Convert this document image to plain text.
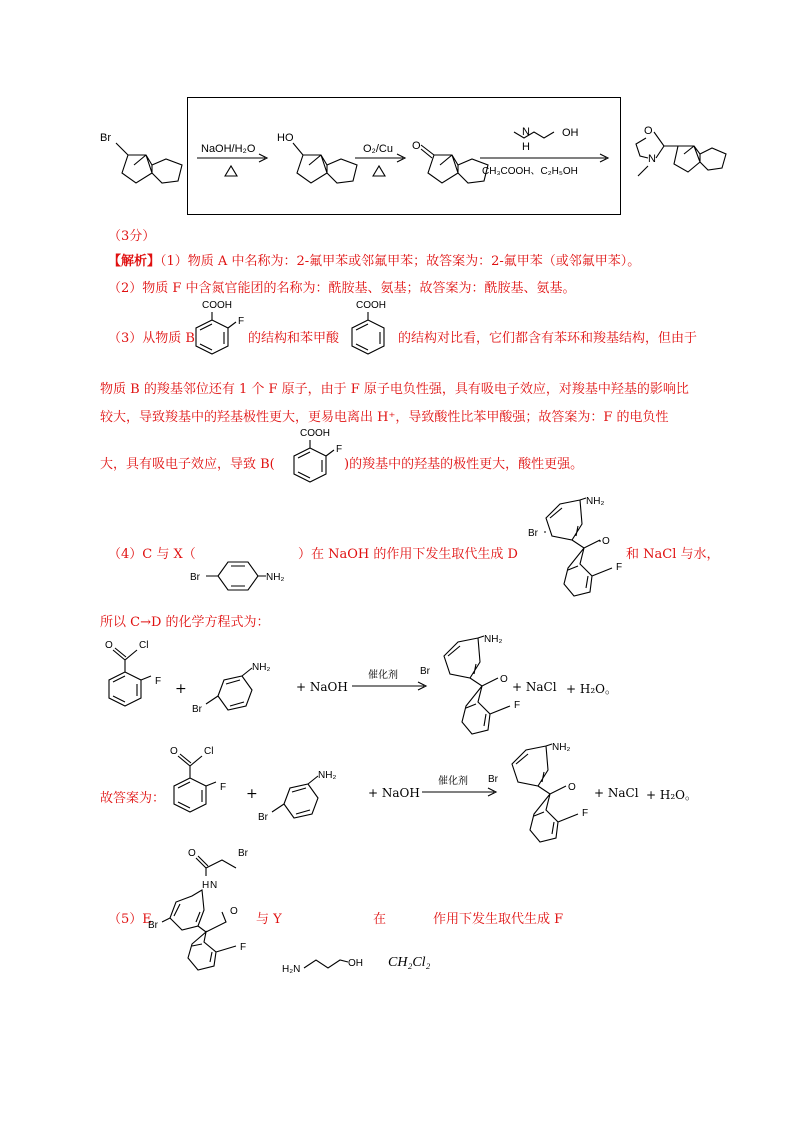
Br
NaOH/H₂O
HO
O₂/Cu O
N
H
OH
CH₃COOH、C₂H₅OH
O
N
（3分）
【解析】（1）物质 A 中名称为：2-氟甲苯或邻氟甲苯；故答案为：2-氟甲苯（或邻氟甲苯）。
（2）物质 F 中含氮官能团的名称为：酰胺基、氨基；故答案为：酰胺基、氨基。
（3）从物质 B
COOH
F
的结构和苯甲酸
COOH
的结构对比看，它们都含有苯环和羧基结构，但由于
物质 B 的羧基邻位还有 1 个 F 原子，由于 F 原子电负性强，具有吸电子效应，对羧基中羟基的影响比
较大，导致羧基中的羟基极性更大，更易电离出 H⁺，导致酸性比苯甲酸强；故答案为：F 的电负性
大，具有吸电子效应，导致 B(
COOH
F
)的羧基中的羟基的极性更大，酸性更强。
（4）C 与 X（
Br	NH₂
）在 NaOH 的作用下发生取代生成 D
NH₂
Br
O
F
和 NaCl 与水，
所以 C→D 的化学方程式为：
O	Cl
F +
NH₂
Br
+ NaOH
催化剂
NH₂
Br
O
F
+ NaCl + H₂O。
故答案为：
O	Cl
F +
NH₂
Br
+ NaOH
催化剂
NH₂
Br
O
F
+ NaCl + H₂O。
（5）E
O	Br
H N
Br
O
F
与 Y	在	作用下发生取代生成 F
H₂N
OH CH₂Cl₂
